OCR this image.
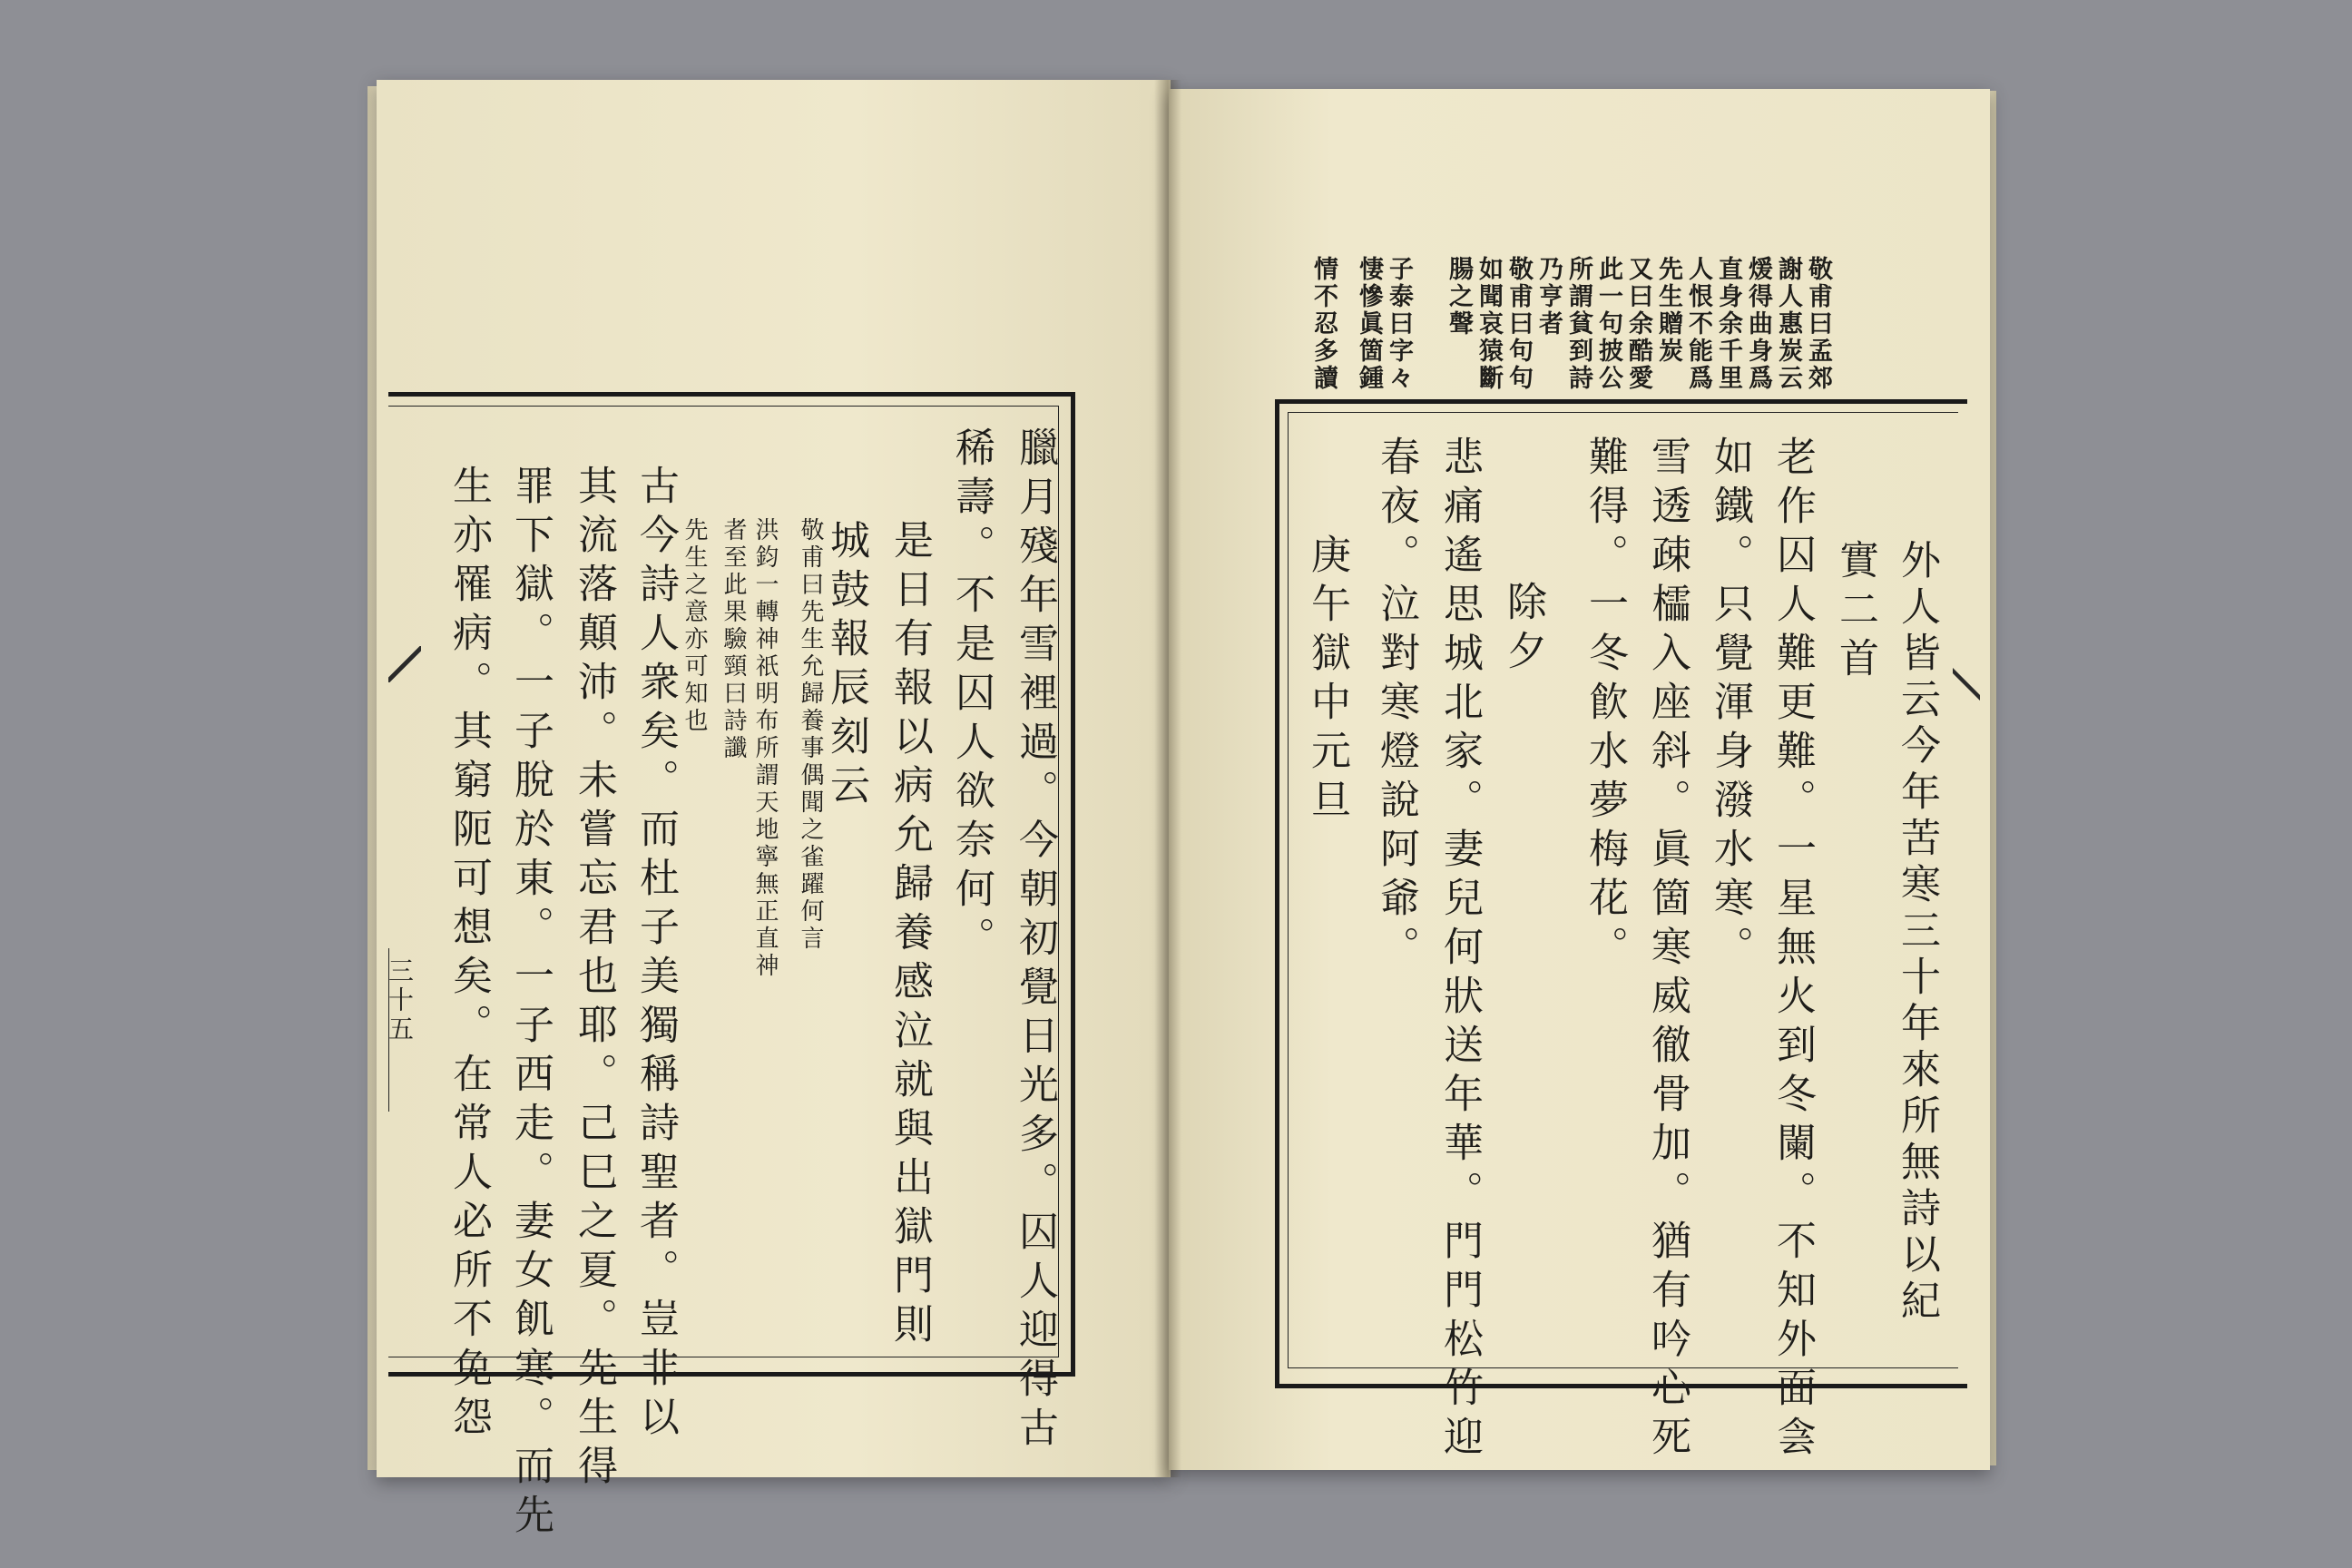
三十五	臘月殘年雪裡過。今朝初覺日光多。囚人迎得古
稀壽。不是囚人欲奈何。
是日有報以病允歸養感泣就與出獄門則
城鼓報辰刻云
敬甫曰先生允歸養事偶聞之雀躍何言
洪鈞一轉神祇明布所謂天地寧無正直神
者至此果驗頸曰詩讖
先生之意亦可知也
古今詩人衆矣。而杜子美獨稱詩聖者。豈非以
其流落顛沛。未嘗忘君也耶。己巳之夏。先生得
罪下獄。一子脫於東。一子西走。妻女飢寒。而先
生亦罹病。其窮阨可想矣。在常人必所不免怨
敬甫曰孟郊
謝人惠炭云
煖得曲身爲
直身余千里
人恨不能爲
先生贈炭
又曰余酷愛
此一句披公
所謂貧到詩
乃亨者
敬甫曰句句
如聞哀猿斷
腸之聲
子泰曰字々
悽慘眞箇鍾
情不忍多讀
外人皆云今年苦寒三十年來所無詩以紀
實二首
老作囚人難更難。一星無火到冬闌。不知外面侌
如鐵。只覺渾身潑水寒。
雪透疎櫺入座斜。眞箇寒威徹骨加。猶有吟心死
難得。一冬飮水夢梅花。
除夕
悲痛遙思城北家。妻兒何狀送年華。門門松竹迎
春夜。泣對寒燈說阿爺。
庚午獄中元旦
